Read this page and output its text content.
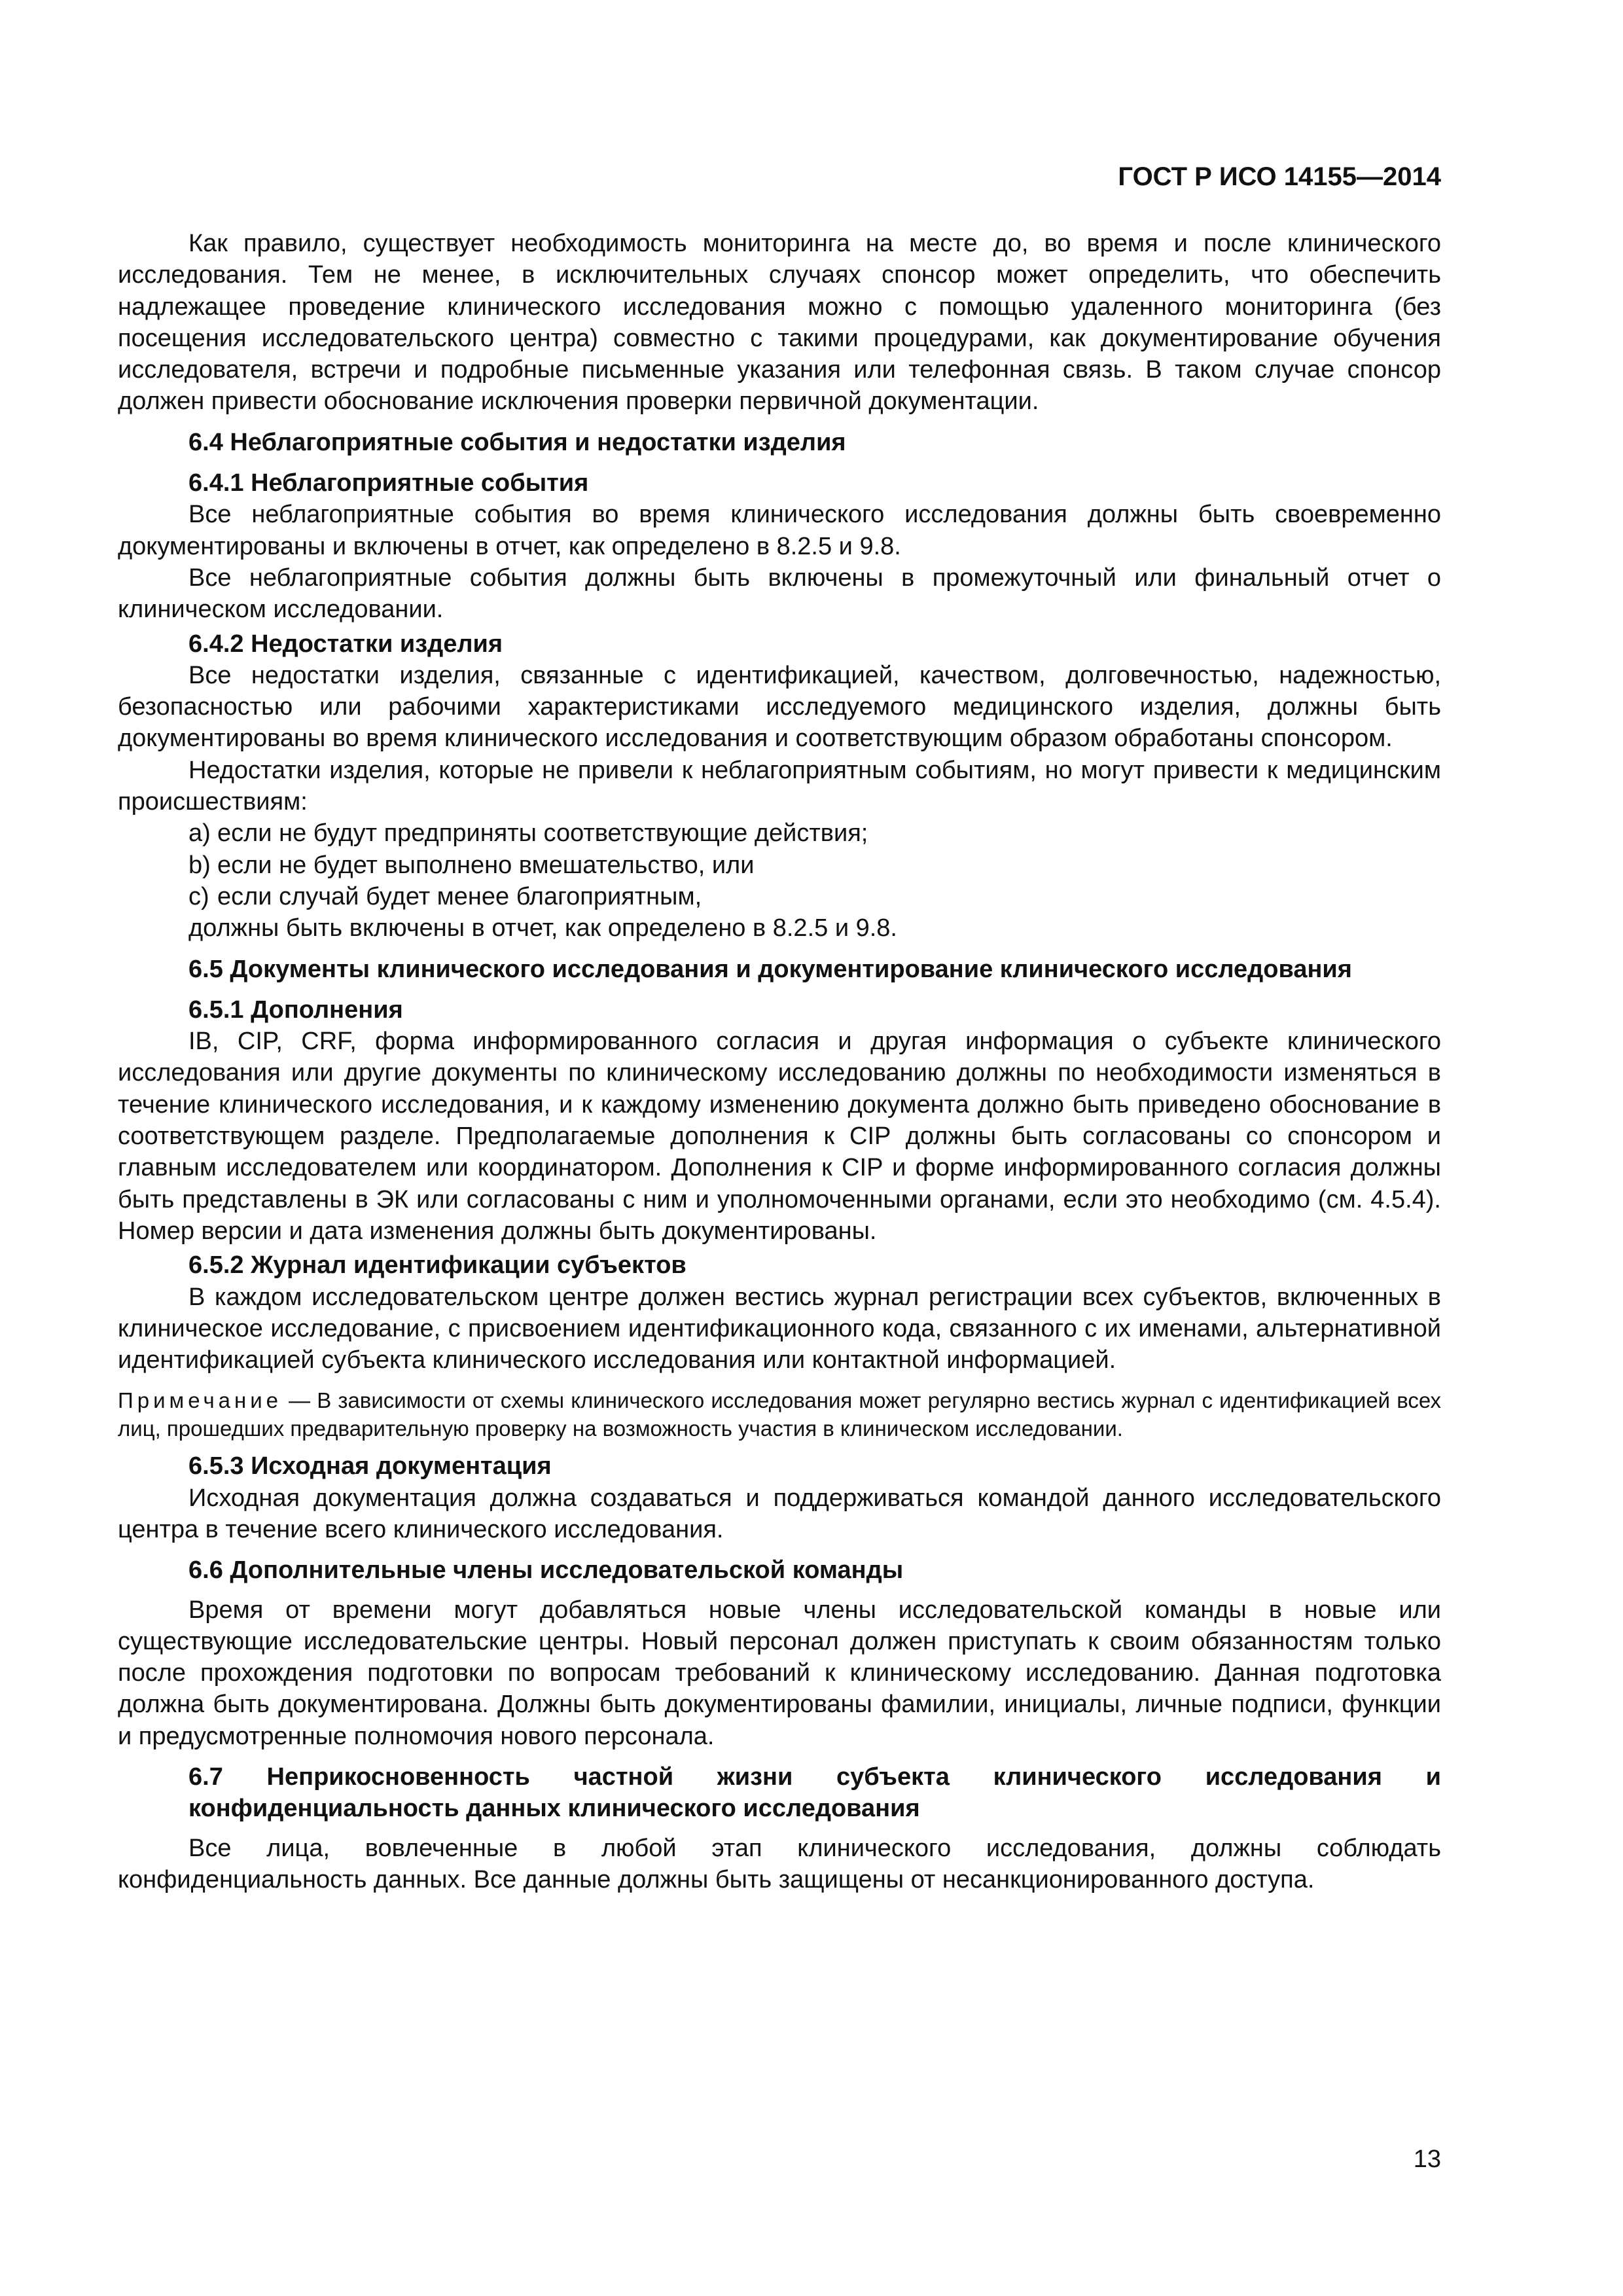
ГОСТ Р ИСО 14155—2014

Как правило, существует необходимость мониторинга на месте до, во время и после клинического исследования. Тем не менее, в исключительных случаях спонсор может определить, что обеспечить надлежащее проведение клинического исследования можно с помощью удаленного мониторинга (без посещения исследовательского центра) совместно с такими процедурами, как документирование обучения исследователя, встречи и подробные письменные указания или телефонная связь. В таком случае спонсор должен привести обоснование исключения проверки первичной документации.

6.4 Неблагоприятные события и недостатки изделия

6.4.1 Неблагоприятные события

Все неблагоприятные события во время клинического исследования должны быть своевременно документированы и включены в отчет, как определено в 8.2.5 и 9.8.

Все неблагоприятные события должны быть включены в промежуточный или финальный отчет о клиническом исследовании.

6.4.2 Недостатки изделия

Все недостатки изделия, связанные с идентификацией, качеством, долговечностью, надежностью, безопасностью или рабочими характеристиками исследуемого медицинского изделия, должны быть документированы во время клинического исследования и соответствующим образом обработаны спонсором.

Недостатки изделия, которые не привели к неблагоприятным событиям, но могут привести к медицинским происшествиям:

a) если не будут предприняты соответствующие действия;
b) если не будет выполнено вмешательство, или
c) если случай будет менее благоприятным,

должны быть включены в отчет, как определено в 8.2.5 и 9.8.

6.5 Документы клинического исследования и документирование клинического исследования

6.5.1 Дополнения

IB, CIP, CRF, форма информированного согласия и другая информация о субъекте клинического исследования или другие документы по клиническому исследованию должны по необходимости изменяться в течение клинического исследования, и к каждому изменению документа должно быть приведено обоснование в соответствующем разделе. Предполагаемые дополнения к CIP должны быть согласованы со спонсором и главным исследователем или координатором. Дополнения к CIP и форме информированного согласия должны быть представлены в ЭК или согласованы с ним и уполномоченными органами, если это необходимо (см. 4.5.4). Номер версии и дата изменения должны быть документированы.

6.5.2 Журнал идентификации субъектов

В каждом исследовательском центре должен вестись журнал регистрации всех субъектов, включенных в клиническое исследование, с присвоением идентификационного кода, связанного с их именами, альтернативной идентификацией субъекта клинического исследования или контактной информацией.

Примечание — В зависимости от схемы клинического исследования может регулярно вестись журнал с идентификацией всех лиц, прошедших предварительную проверку на возможность участия в клиническом исследовании.

6.5.3 Исходная документация

Исходная документация должна создаваться и поддерживаться командой данного исследовательского центра в течение всего клинического исследования.

6.6 Дополнительные члены исследовательской команды

Время от времени могут добавляться новые члены исследовательской команды в новые или существующие исследовательские центры. Новый персонал должен приступать к своим обязанностям только после прохождения подготовки по вопросам требований к клиническому исследованию. Данная подготовка должна быть документирована. Должны быть документированы фамилии, инициалы, личные подписи, функции и предусмотренные полномочия нового персонала.

6.7 Неприкосновенность частной жизни субъекта клинического исследования и конфиденциальность данных клинического исследования

Все лица, вовлеченные в любой этап клинического исследования, должны соблюдать конфиденциальность данных. Все данные должны быть защищены от несанкционированного доступа.

13
